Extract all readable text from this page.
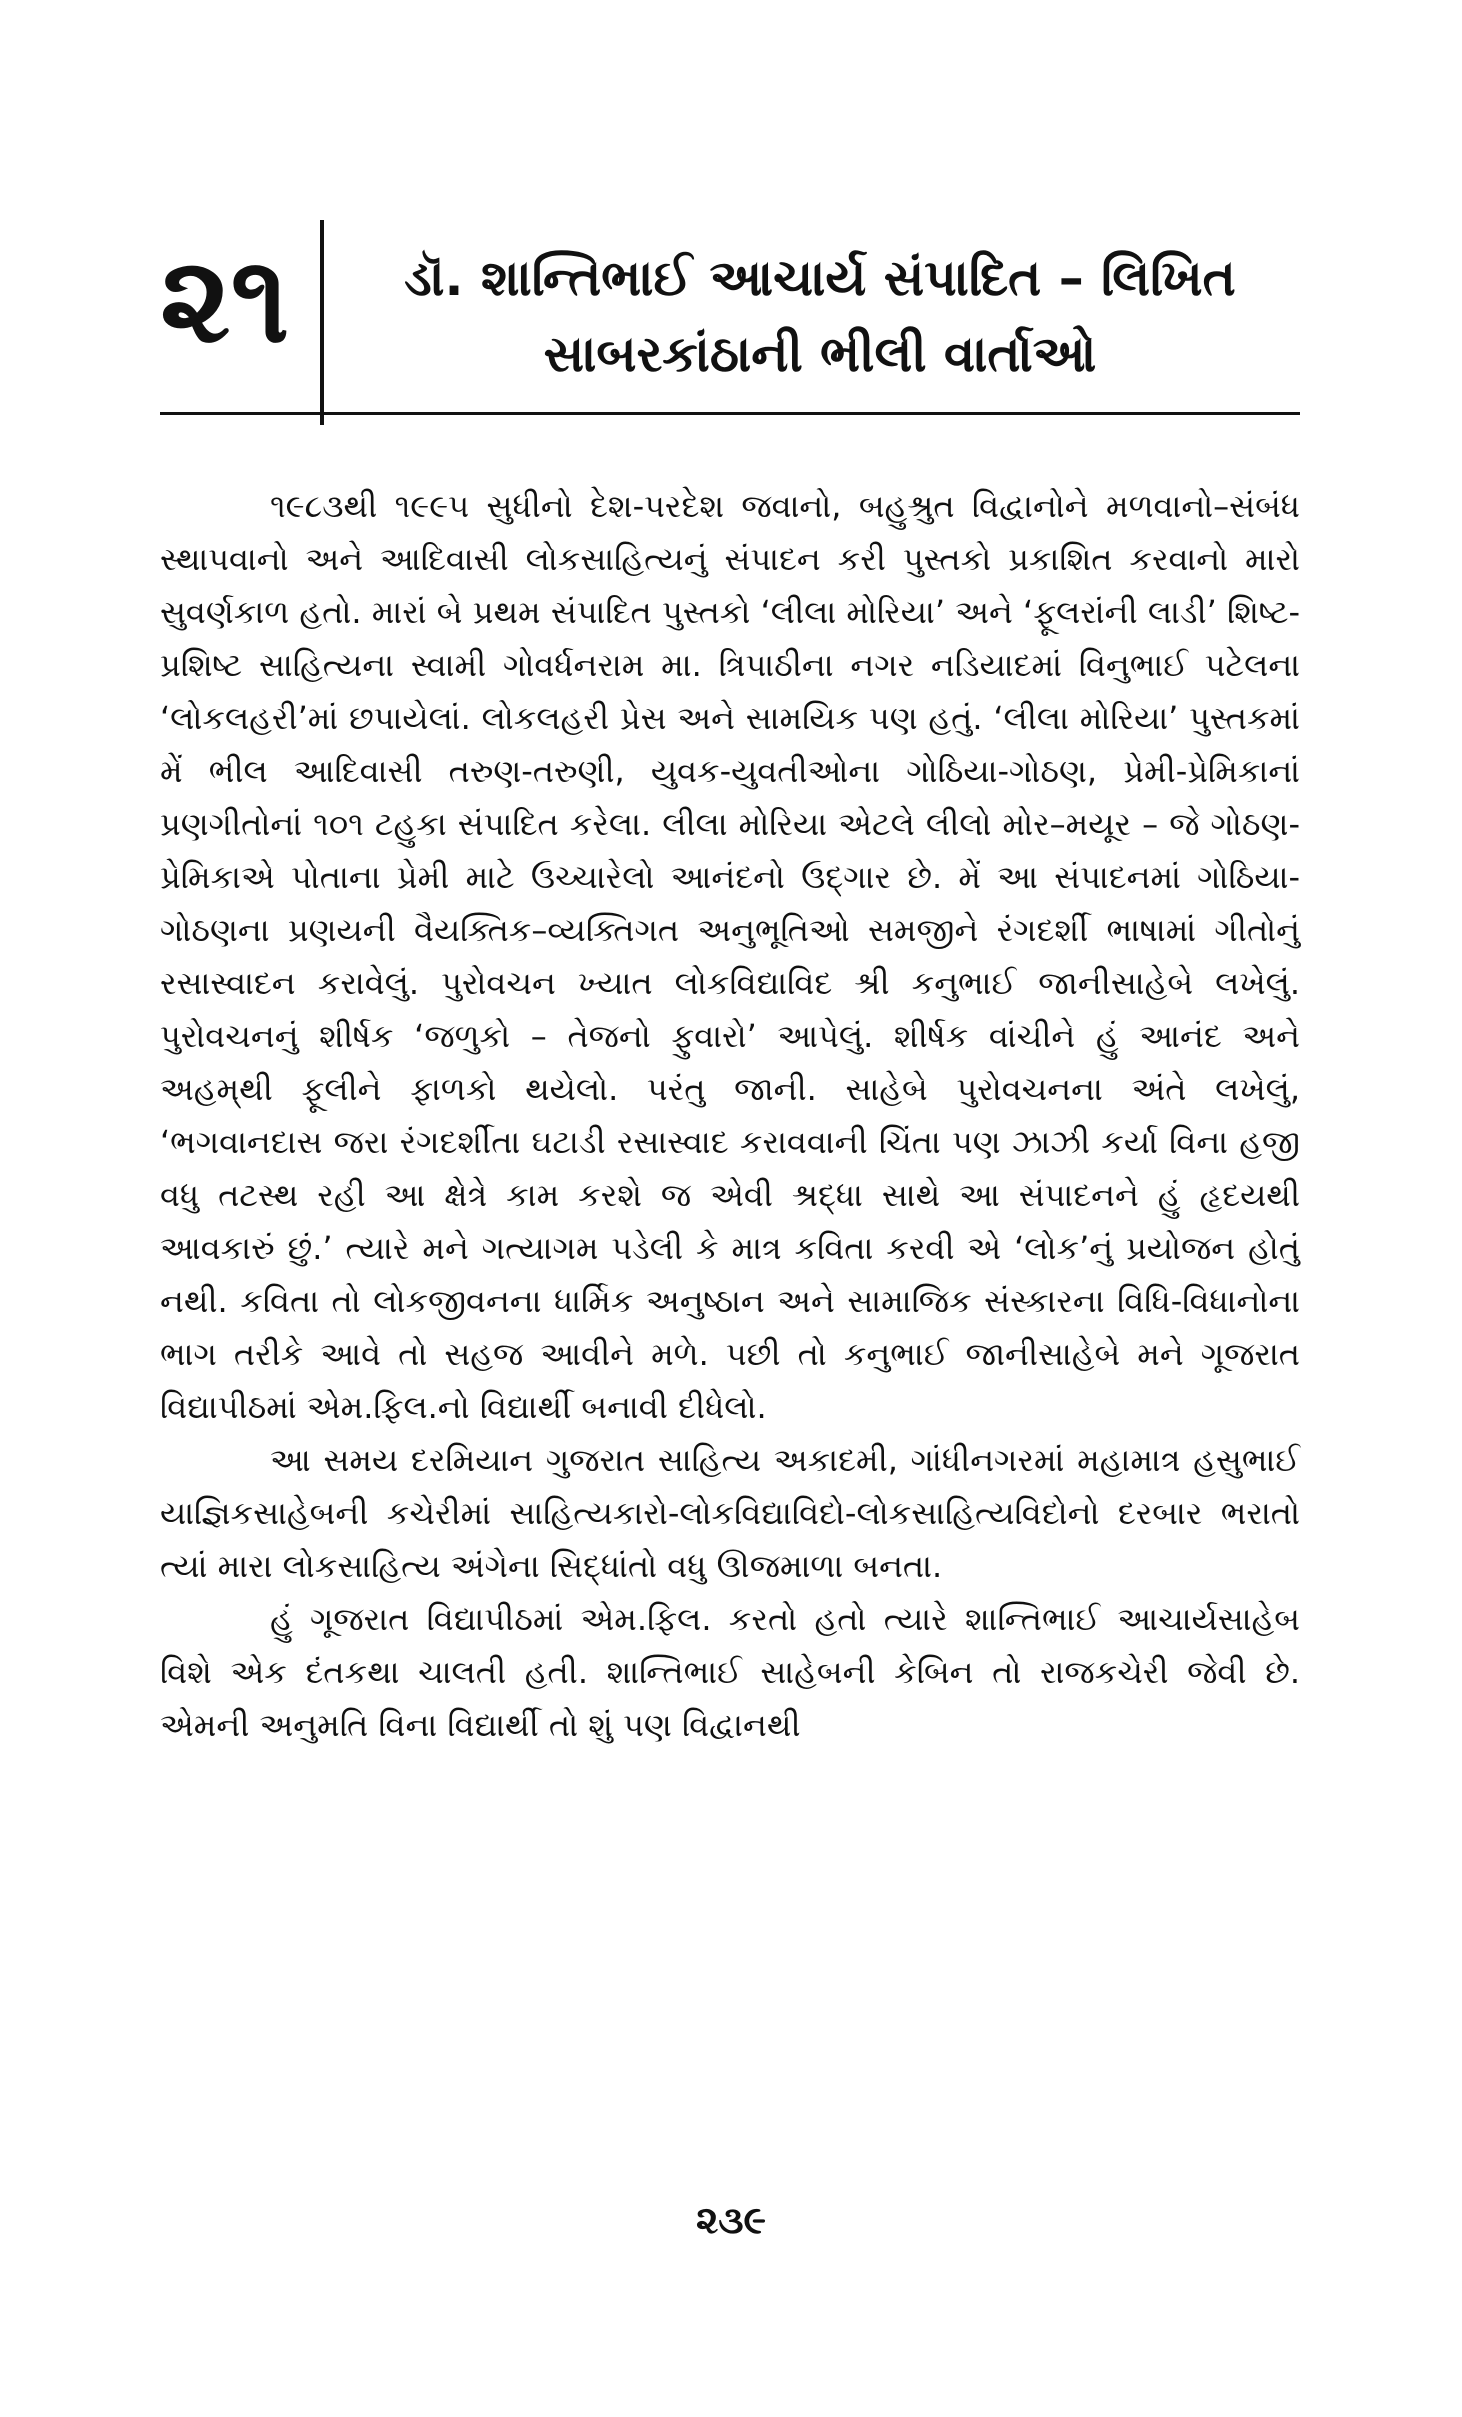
૨૧	ડૉ. શાન્તિભાઈ આચાર્ય સંપાદિત – લિખિત
સાબરકાંઠાની ભીલી વાર્તાઓ

૧૯૮૩થી ૧૯૯૫ સુધીનો દેશ-પરદેશ જવાનો, બહુશ્રુત વિદ્વાનોને મળવાનો–સંબંધ સ્થાપવાનો અને આદિવાસી લોકસાહિત્યનું સંપાદન કરી પુસ્તકો પ્રકાશિત કરવાનો મારો સુવર્ણકાળ હતો. મારાં બે પ્રથમ સંપાદિત પુસ્તકો ‘લીલા મોરિયા’ અને ‘ફૂલરાંની લાડી’ શિષ્ટ-પ્રશિષ્ટ સાહિત્યના સ્વામી ગોવર્ધનરામ મા. ત્રિપાઠીના નગર નડિયાદમાં વિનુભાઈ પટેલના ‘લોકલહરી’માં છપાયેલાં. લોકલહરી પ્રેસ અને સામયિક પણ હતું. ‘લીલા મોરિયા’ પુસ્તકમાં મેં ભીલ આદિવાસી તરુણ-તરુણી, યુવક-યુવતીઓના ગોઠિયા-ગોઠણ, પ્રેમી-પ્રેમિકાનાં પ્રણગીતોનાં ૧૦૧ ટહુકા સંપાદિત કરેલા. લીલા મોરિયા એટલે લીલો મોર–મયૂર – જે ગોઠણ-પ્રેમિકાએ પોતાના પ્રેમી માટે ઉચ્ચારેલો આનંદનો ઉદ્‌ગાર છે. મેં આ સંપાદનમાં ગોઠિયા-ગોઠણના પ્રણયની વૈયક્તિક–વ્યક્તિગત અનુભૂતિઓ સમજીને રંગદર્શી ભાષામાં ગીતોનું રસાસ્વાદન કરાવેલું. પુરોવચન ખ્યાત લોકવિદ્યાવિદ શ્રી કનુભાઈ જાનીસાહેબે લખેલું. પુરોવચનનું શીર્ષક ‘જળુકો – તેજનો ફુવારો’ આપેલું. શીર્ષક વાંચીને હું આનંદ અને અહમ્‌થી ફૂલીને ફાળકો થયેલો. પરંતુ જાની. સાહેબે પુરોવચનના અંતે લખેલું, ‘ભગવાનદાસ જરા રંગદર્શીતા ઘટાડી રસાસ્વાદ કરાવવાની ચિંતા પણ ઝાઝી કર્યા વિના હજી વધુ તટસ્થ રહી આ ક્ષેત્રે કામ કરશે જ એવી શ્રદ્ધા સાથે આ સંપાદનને હું હૃદયથી આવકારું છું.’ ત્યારે મને ગત્યાગમ પડેલી કે માત્ર કવિતા કરવી એ ‘લોક’નું પ્રયોજન હોતું નથી. કવિતા તો લોકજીવનના ધાર્મિક અનુષ્ઠાન અને સામાજિક સંસ્કારના વિધિ-વિધાનોના ભાગ તરીકે આવે તો સહજ આવીને મળે. પછી તો કનુભાઈ જાનીસાહેબે મને ગૂજરાત વિદ્યાપીઠમાં એમ.ફિલ.નો વિદ્યાર્થી બનાવી દીધેલો.

આ સમય દરમિયાન ગુજરાત સાહિત્ય અકાદમી, ગાંધીનગરમાં મહામાત્ર હસુભાઈ યાજ્ઞિકસાહેબની કચેરીમાં સાહિત્યકારો-લોકવિદ્યાવિદો-લોકસાહિત્યવિદોનો દરબાર ભરાતો ત્યાં મારા લોકસાહિત્ય અંગેના સિદ્ધાંતો વધુ ઊજમાળા બનતા.

હું ગૂજરાત વિદ્યાપીઠમાં એમ.ફિલ. કરતો હતો ત્યારે શાન્તિભાઈ આચાર્યસાહેબ વિશે એક દંતકથા ચાલતી હતી. શાન્તિભાઈ સાહેબની કેબિન તો રાજકચેરી જેવી છે. એમની અનુમતિ વિના વિદ્યાર્થી તો શું પણ વિદ્વાનથી

૨૩૯
